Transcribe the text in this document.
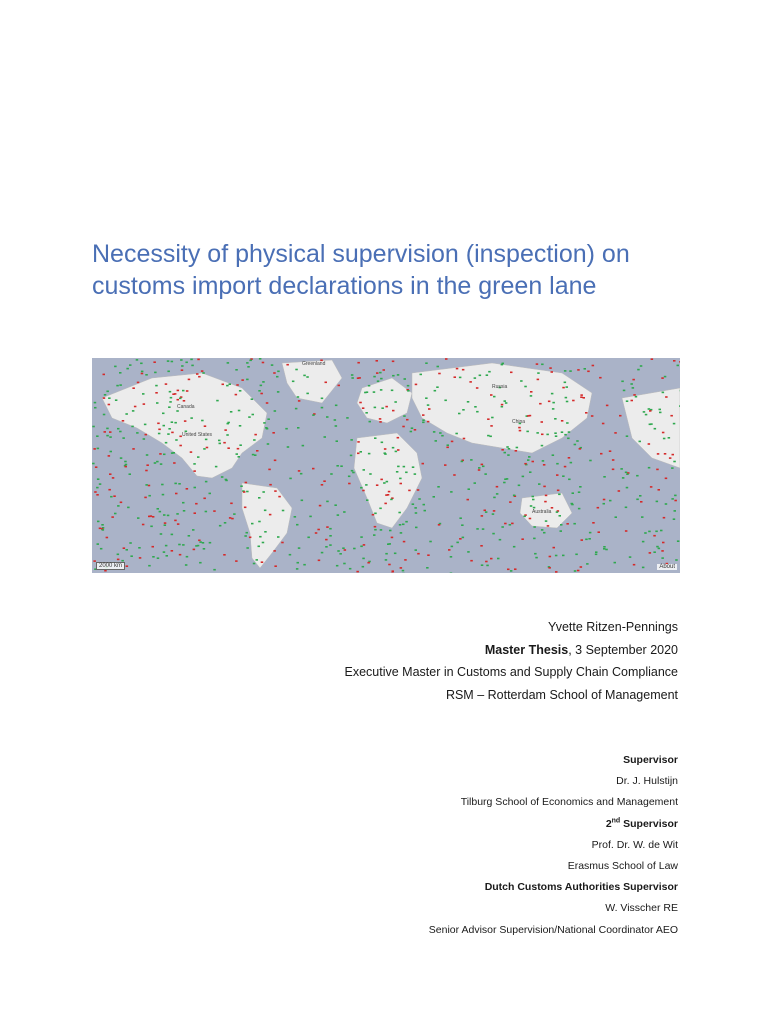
Necessity of physical supervision (inspection) on
customs import declarations in the green lane
Greenland
Canada
United States
Russia
China
Australia
2000 km	About
Yvette Ritzen-Pennings
Master Thesis, 3 September 2020
Executive Master in Customs and Supply Chain Compliance
RSM – Rotterdam School of Management
Supervisor
Dr. J. Hulstijn
Tilburg School of Economics and Management
2nd Supervisor
Prof. Dr. W. de Wit
Erasmus School of Law
Dutch Customs Authorities Supervisor
W. Visscher RE
Senior Advisor Supervision/National Coordinator AEO
